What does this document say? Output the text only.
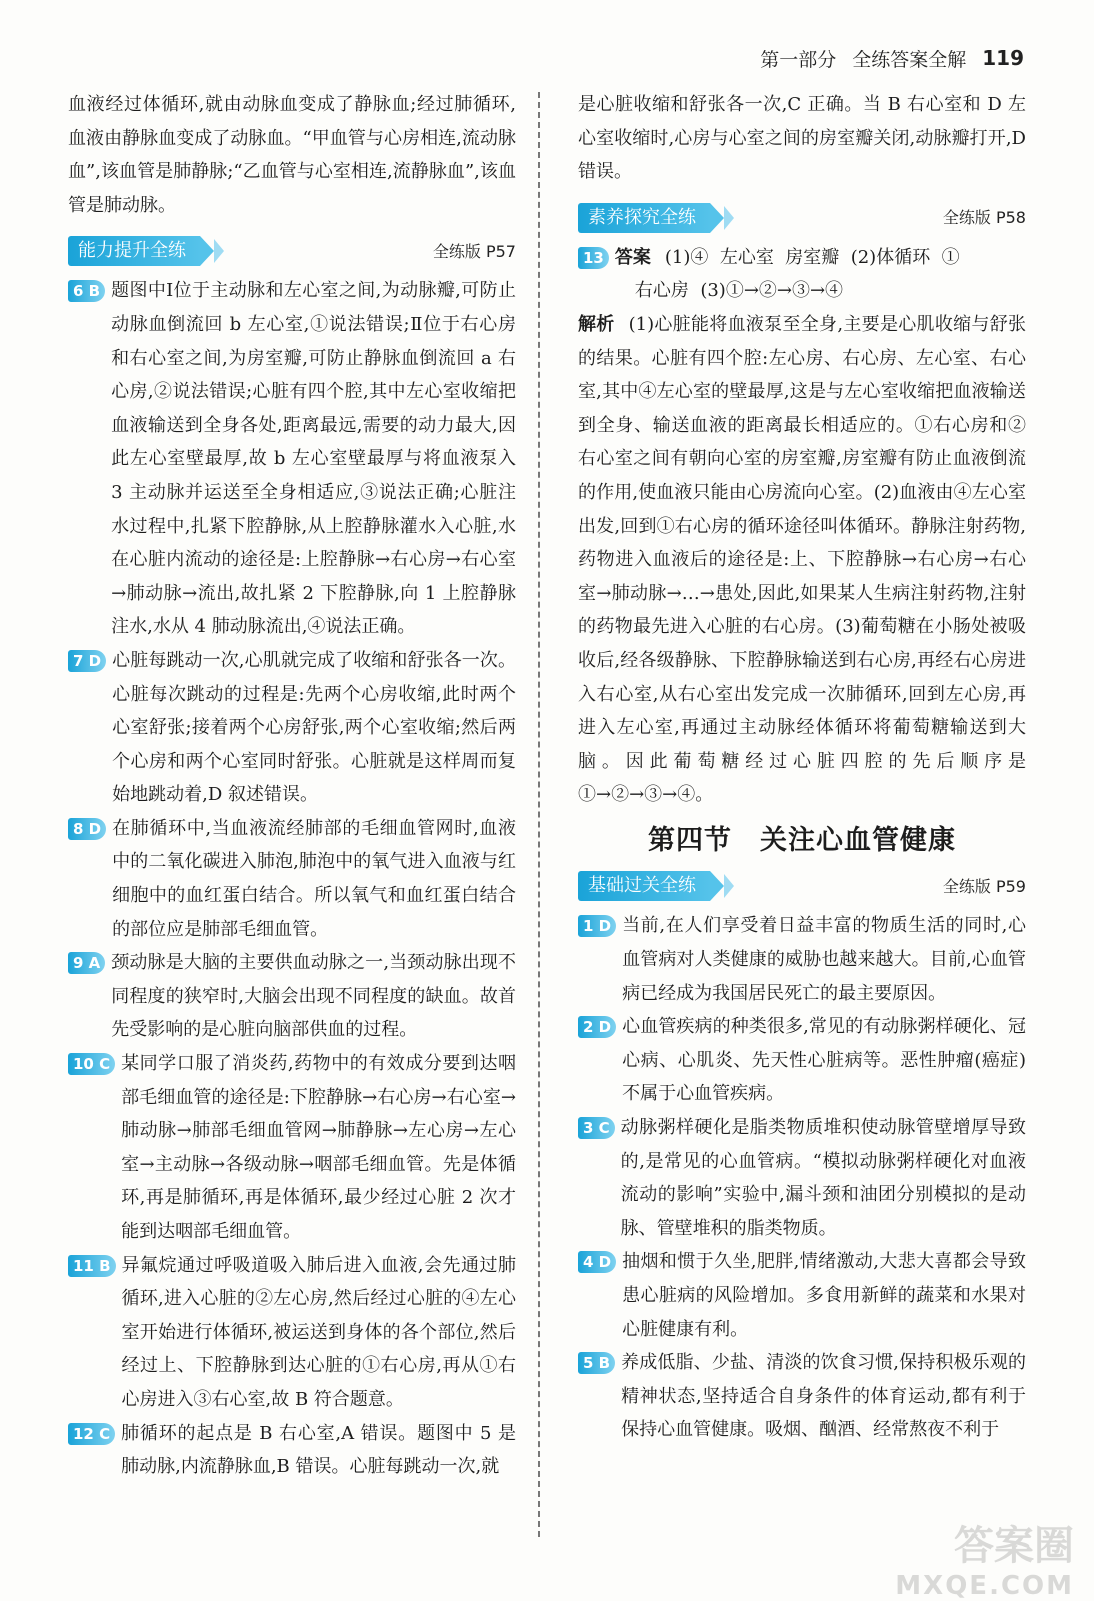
第一部分 全练答案全解 119

血液经过体循环,就由动脉血变成了静脉血;经过肺循环,血液由静脉血变成了动脉血。“甲血管与心房相连,流动脉血”,该血管是肺静脉;“乙血管与心室相连,流静脉血”,该血管是肺动脉。

能力提升全练	全练版 P57
6 B 题图中Ⅰ位于主动脉和左心室之间,为动脉瓣,可防止动脉血倒流回 b 左心室,①说法错误;Ⅱ位于右心房和右心室之间,为房室瓣,可防止静脉血倒流回 a 右心房,②说法错误;心脏有四个腔,其中左心室收缩把血液输送到全身各处,距离最远,需要的动力最大,因此左心室壁最厚,故 b 左心室壁最厚与将血液泵入 3 主动脉并运送至全身相适应,③说法正确;心脏注水过程中,扎紧下腔静脉,从上腔静脉灌水入心脏,水在心脏内流动的途径是:上腔静脉→右心房→右心室→肺动脉→流出,故扎紧 2 下腔静脉,向 1 上腔静脉注水,水从 4 肺动脉流出,④说法正确。

7 D 心脏每跳动一次,心肌就完成了收缩和舒张各一次。心脏每次跳动的过程是:先两个心房收缩,此时两个心室舒张;接着两个心房舒张,两个心室收缩;然后两个心房和两个心室同时舒张。心脏就是这样周而复始地跳动着,D 叙述错误。

8 D 在肺循环中,当血液流经肺部的毛细血管网时,血液中的二氧化碳进入肺泡,肺泡中的氧气进入血液与红细胞中的血红蛋白结合。所以氧气和血红蛋白结合的部位应是肺部毛细血管。

9 A 颈动脉是大脑的主要供血动脉之一,当颈动脉出现不同程度的狭窄时,大脑会出现不同程度的缺血。故首先受影响的是心脏向脑部供血的过程。

10 C 某同学口服了消炎药,药物中的有效成分要到达咽部毛细血管的途径是:下腔静脉→右心房→右心室→肺动脉→肺部毛细血管网→肺静脉→左心房→左心室→主动脉→各级动脉→咽部毛细血管。先是体循环,再是肺循环,再是体循环,最少经过心脏 2 次才能到达咽部毛细血管。

11 B 异氟烷通过呼吸道吸入肺后进入血液,会先通过肺循环,进入心脏的②左心房,然后经过心脏的④左心室开始进行体循环,被运送到身体的各个部位,然后经过上、下腔静脉到达心脏的①右心房,再从①右心房进入③右心室,故 B 符合题意。

12 C 肺循环的起点是 B 右心室,A 错误。题图中 5 是肺动脉,内流静脉血,B 错误。心脏每跳动一次,就

是心脏收缩和舒张各一次,C 正确。当 B 右心室和 D 左心室收缩时,心房与心室之间的房室瓣关闭,动脉瓣打开,D 错误。

素养探究全练	全练版 P58
13 答案 (1)④  左心室  房室瓣  (2)体循环  ①
右心房  (3)①→②→③→④

解析 (1)心脏能将血液泵至全身,主要是心肌收缩与舒张的结果。心脏有四个腔:左心房、右心房、左心室、右心室,其中④左心室的壁最厚,这是与左心室收缩把血液输送到全身、输送血液的距离最长相适应的。①右心房和②右心室之间有朝向心室的房室瓣,房室瓣有防止血液倒流的作用,使血液只能由心房流向心室。(2)血液由④左心室出发,回到①右心房的循环途径叫体循环。静脉注射药物,药物进入血液后的途径是:上、下腔静脉→右心房→右心室→肺动脉→…→患处,因此,如果某人生病注射药物,注射的药物最先进入心脏的右心房。(3)葡萄糖在小肠处被吸收后,经各级静脉、下腔静脉输送到右心房,再经右心房进入右心室,从右心室出发完成一次肺循环,回到左心房,再进入左心室,再通过主动脉经体循环将葡萄糖输送到大脑。因此葡萄糖经过心脏四腔的先后顺序是①→②→③→④。

第四节　关注心血管健康
基础过关全练	全练版 P59
1 D 当前,在人们享受着日益丰富的物质生活的同时,心血管病对人类健康的威胁也越来越大。目前,心血管病已经成为我国居民死亡的最主要原因。

2 D 心血管疾病的种类很多,常见的有动脉粥样硬化、冠心病、心肌炎、先天性心脏病等。恶性肿瘤(癌症)不属于心血管疾病。

3 C 动脉粥样硬化是脂类物质堆积使动脉管壁增厚导致的,是常见的心血管病。“模拟动脉粥样硬化对血液流动的影响”实验中,漏斗颈和油团分别模拟的是动脉、管壁堆积的脂类物质。

4 D 抽烟和惯于久坐,肥胖,情绪激动,大悲大喜都会导致患心脏病的风险增加。多食用新鲜的蔬菜和水果对心脏健康有利。

5 B 养成低脂、少盐、清淡的饮食习惯,保持积极乐观的精神状态,坚持适合自身条件的体育运动,都有利于保持心血管健康。吸烟、酗酒、经常熬夜不利于

答案圈
MXQE.COM
